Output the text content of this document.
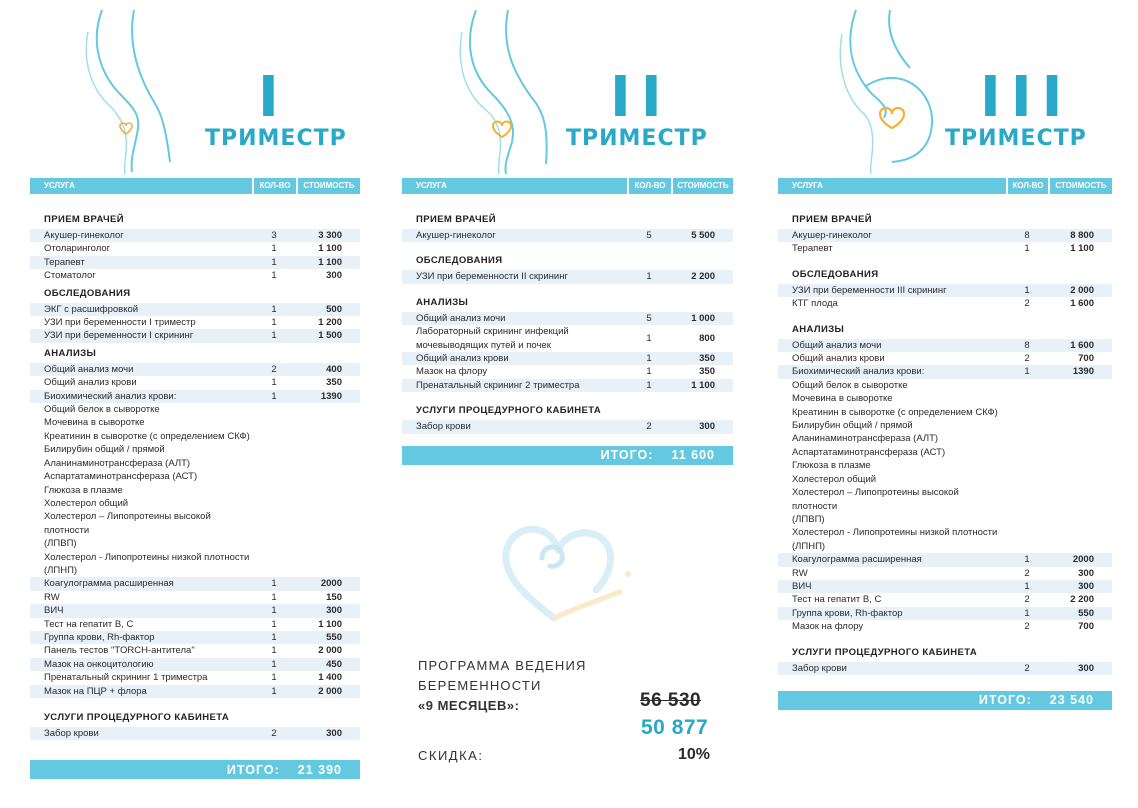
I
ТРИМЕСТР
УСЛУГА	КОЛ-ВО	СТОИМОСТЬ
ПРИЕМ ВРАЧЕЙ
Акушер-гинеколог	3	3 300
Отоларинголог	1	1 100
Терапевт	1	1 100
Стоматолог	1	300
ОБСЛЕДОВАНИЯ
ЭКГ с расшифровкой	1	500
УЗИ при беременности I триместр	1	1 200
УЗИ при беременности I скрининг	1	1 500
АНАЛИЗЫ
Общий анализ мочи	2	400
Общий анализ крови	1	350
Биохимический анализ крови:	1	1390
Общий белок в сыворотке
Мочевина в сыворотке
Креатинин в сыворотке (с определением СКФ)
Билирубин общий / прямой
Аланинаминотрансфераза (АЛТ)
Аспартатаминотрансфераза (АСТ)
Глюкоза в плазме
Холестерол общий
Холестерол – Липопротеины высокой плотности
(ЛПВП)
Холестерол - Липопротеины низкой плотности
(ЛПНП)
Коагулограмма расширенная	1	2000
RW	1	150
ВИЧ	1	300
Тест на гепатит В, С	1	1 100
Группа крови, Rh-фактор	1	550
Панель тестов "TORCH-антитела"	1	2 000
Мазок на онкоцитологию	1	450
Пренатальный скрининг 1 триместра	1	1 400
Мазок на ПЦР + флора	1	2 000
УСЛУГИ ПРОЦЕДУРНОГО КАБИНЕТА
Забор крови	2	300
ИТОГО: 21 390
II
ТРИМЕСТР
УСЛУГА	КОЛ-ВО	СТОИМОСТЬ
ПРИЕМ ВРАЧЕЙ
Акушер-гинеколог	5	5 500
ОБСЛЕДОВАНИЯ
УЗИ при беременности II скрининг	1	2 200
АНАЛИЗЫ
Общий анализ мочи	5	1 000
Лабораторный скрининг инфекций мочевыводящих путей и почек
1	800
Общий анализ крови	1	350
Мазок на флору	1	350
Пренатальный скрининг 2 триместра	1	1 100
УСЛУГИ ПРОЦЕДУРНОГО КАБИНЕТА
Забор крови	2	300
ИТОГО: 11 600
III
ТРИМЕСТР
УСЛУГА	КОЛ-ВО	СТОИМОСТЬ
ПРИЕМ ВРАЧЕЙ
Акушер-гинеколог	8	8 800
Терапевт	1	1 100
ОБСЛЕДОВАНИЯ
УЗИ при беременности III скрининг	1	2 000
КТГ плода	2	1 600
АНАЛИЗЫ
Общий анализ мочи	8	1 600
Общий анализ крови	2	700
Биохимический анализ крови:	1	1390
Общий белок в сыворотке
Мочевина в сыворотке
Креатинин в сыворотке (с определением СКФ)
Билирубин общий / прямой
Аланинаминотрансфераза (АЛТ)
Аспартатаминотрансфераза (АСТ)
Глюкоза в плазме
Холестерол общий
Холестерол – Липопротеины высокой плотности
(ЛПВП)
Холестерол - Липопротеины низкой плотности
(ЛПНП)
Коагулограмма расширенная	1	2000
RW	2	300
ВИЧ	1	300
Тест на гепатит В, С	2	2 200
Группа крови, Rh-фактор	1	550
Мазок на флору	2	700
УСЛУГИ ПРОЦЕДУРНОГО КАБИНЕТА
Забор крови	2	300
ИТОГО: 23 540
ПРОГРАММА ВЕДЕНИЯ
БЕРЕМЕННОСТИ
«9 МЕСЯЦЕВ»:	56 530
50 877
СКИДКА:	10%
